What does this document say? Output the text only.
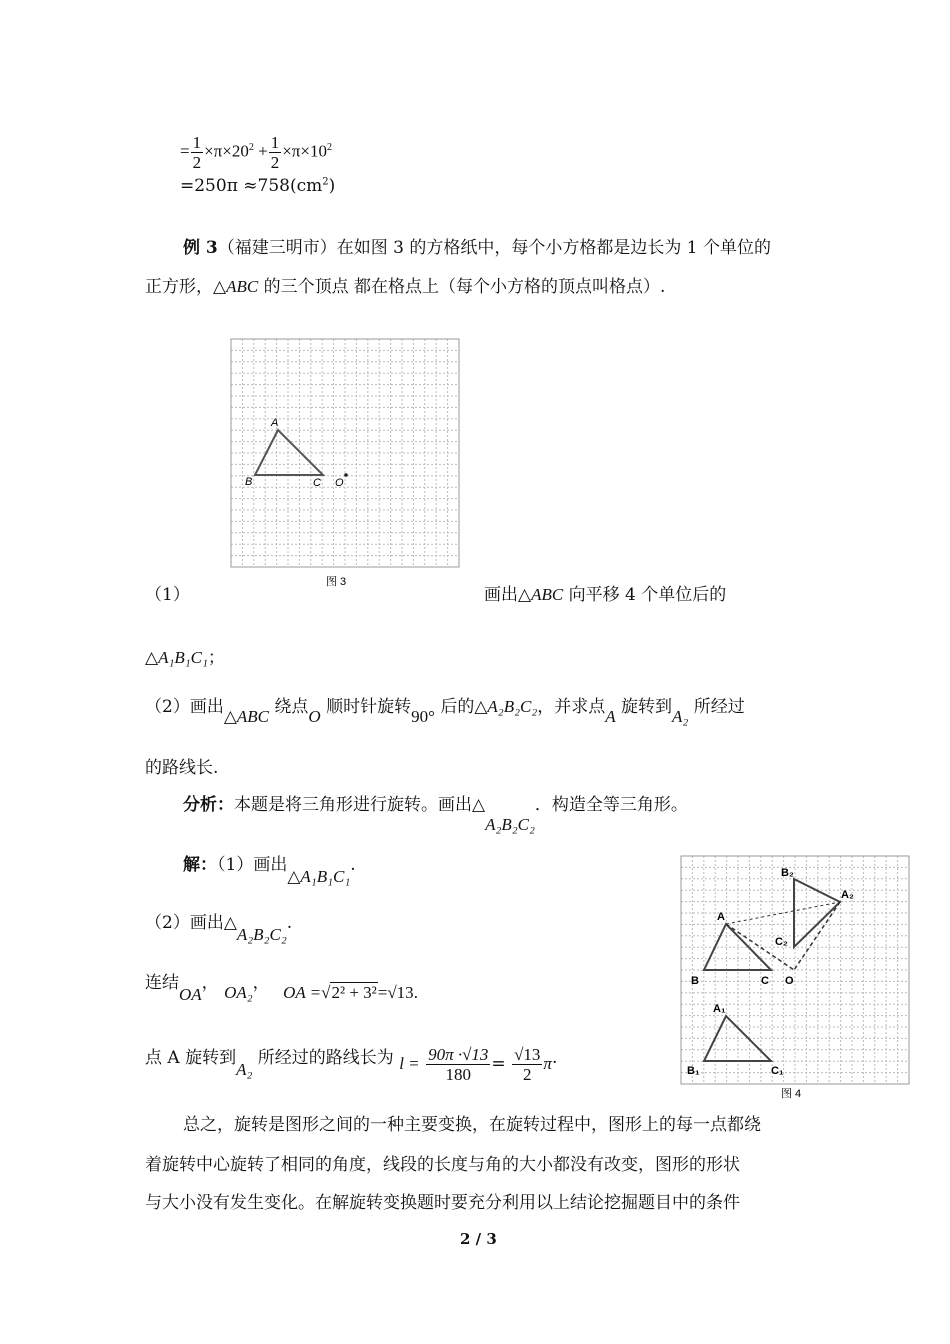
= $\frac{1}{2} \times\pi\times 20^2 + \frac{1}{2} \times\pi\times 10^2$
$=250\pi \approx 758(cm^2)$
例 3（福建三明市）在如图 3 的方格纸中，每个小方格都是边长为 1 个单位的
正方形，△ABC 的三个顶点 都在格点上（每个小方格的顶点叫格点）.
A
B	C O
图 3
（1）	画出△ABC 向平移 4 个单位后的
△A₁B₁C₁；
（2）画出△ABC 绕点O 顺时针旋转90° 后的△A₂B₂C₂，并求点A 旋转到A₂ 所经过
的路线长.
分析：本题是将三角形进行旋转。画出△A₂B₂C₂．构造全等三角形。
解：（1）画出△A₁B₁C₁.
（2）画出△A₂B₂C₂.
连结OA， OA₂， OA =√2² + 3²=√13.
点 A 旋转到A₂ 所经过的路线长为 $l = \frac{90\pi \cdot√13}{180} = \frac{√13}{2} \pi$.
A
B	C O
B₂
A₂
C₂
A₁
B₁	C₁
图 4
总之，旋转是图形之间的一种主要变换，在旋转过程中，图形上的每一点都绕
着旋转中心旋转了相同的角度，线段的长度与角的大小都没有改变，图形的形状
与大小没有发生变化。在解旋转变换题时要充分利用以上结论挖掘题目中的条件
2 / 3
